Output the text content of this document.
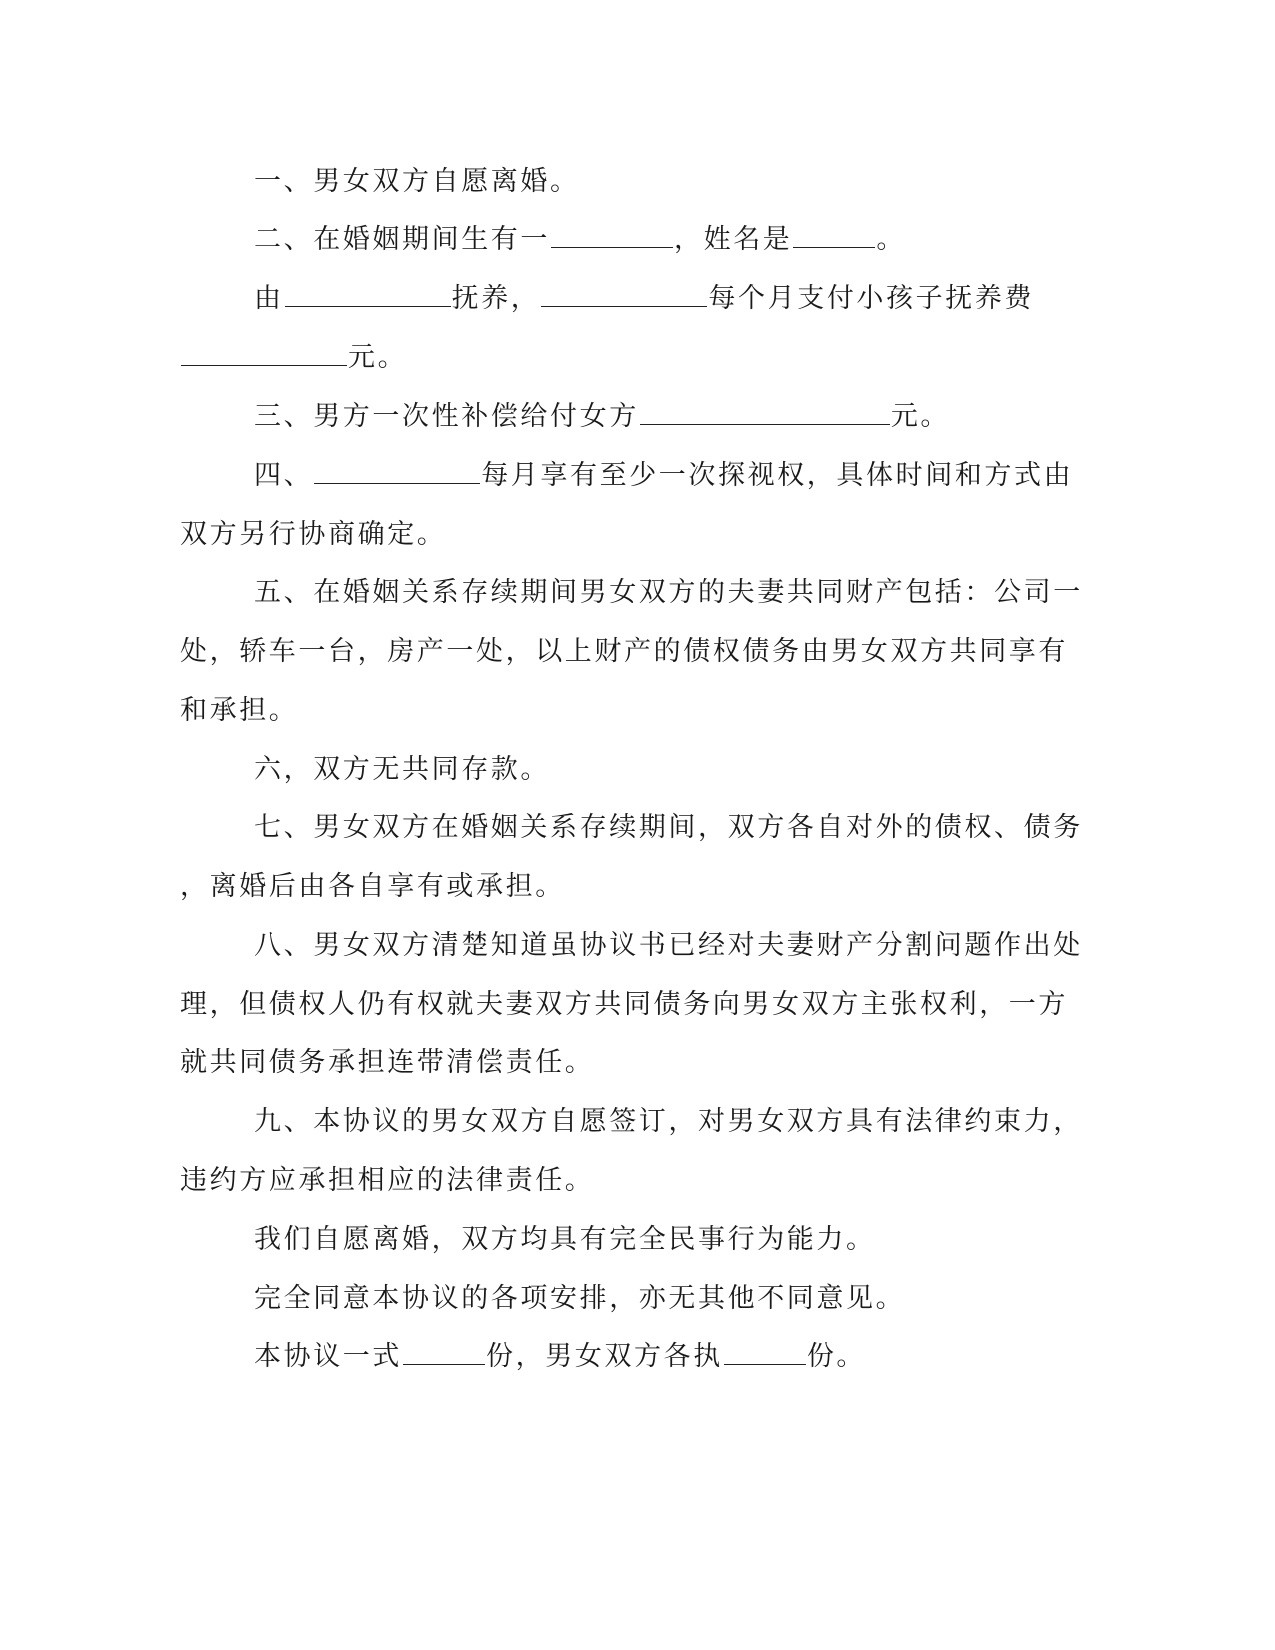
一、男女双方自愿离婚。
二、在婚姻期间生有一	，姓名是	。
由	抚养，	每个月支付小孩子抚养费
元。
三、男方一次性补偿给付女方	元。
四、	每月享有至少一次探视权，具体时间和方式由
双方另行协商确定。
五、在婚姻关系存续期间男女双方的夫妻共同财产包括：公司一
处，轿车一台，房产一处，以上财产的债权债务由男女双方共同享有
和承担。
六，双方无共同存款。
七、男女双方在婚姻关系存续期间，双方各自对外的债权、债务
，离婚后由各自享有或承担。
八、男女双方清楚知道虽协议书已经对夫妻财产分割问题作出处
理，但债权人仍有权就夫妻双方共同债务向男女双方主张权利，一方
就共同债务承担连带清偿责任。
九、本协议的男女双方自愿签订，对男女双方具有法律约束力，
违约方应承担相应的法律责任。
我们自愿离婚，双方均具有完全民事行为能力。
完全同意本协议的各项安排，亦无其他不同意见。
本协议一式	份，男女双方各执	份。
